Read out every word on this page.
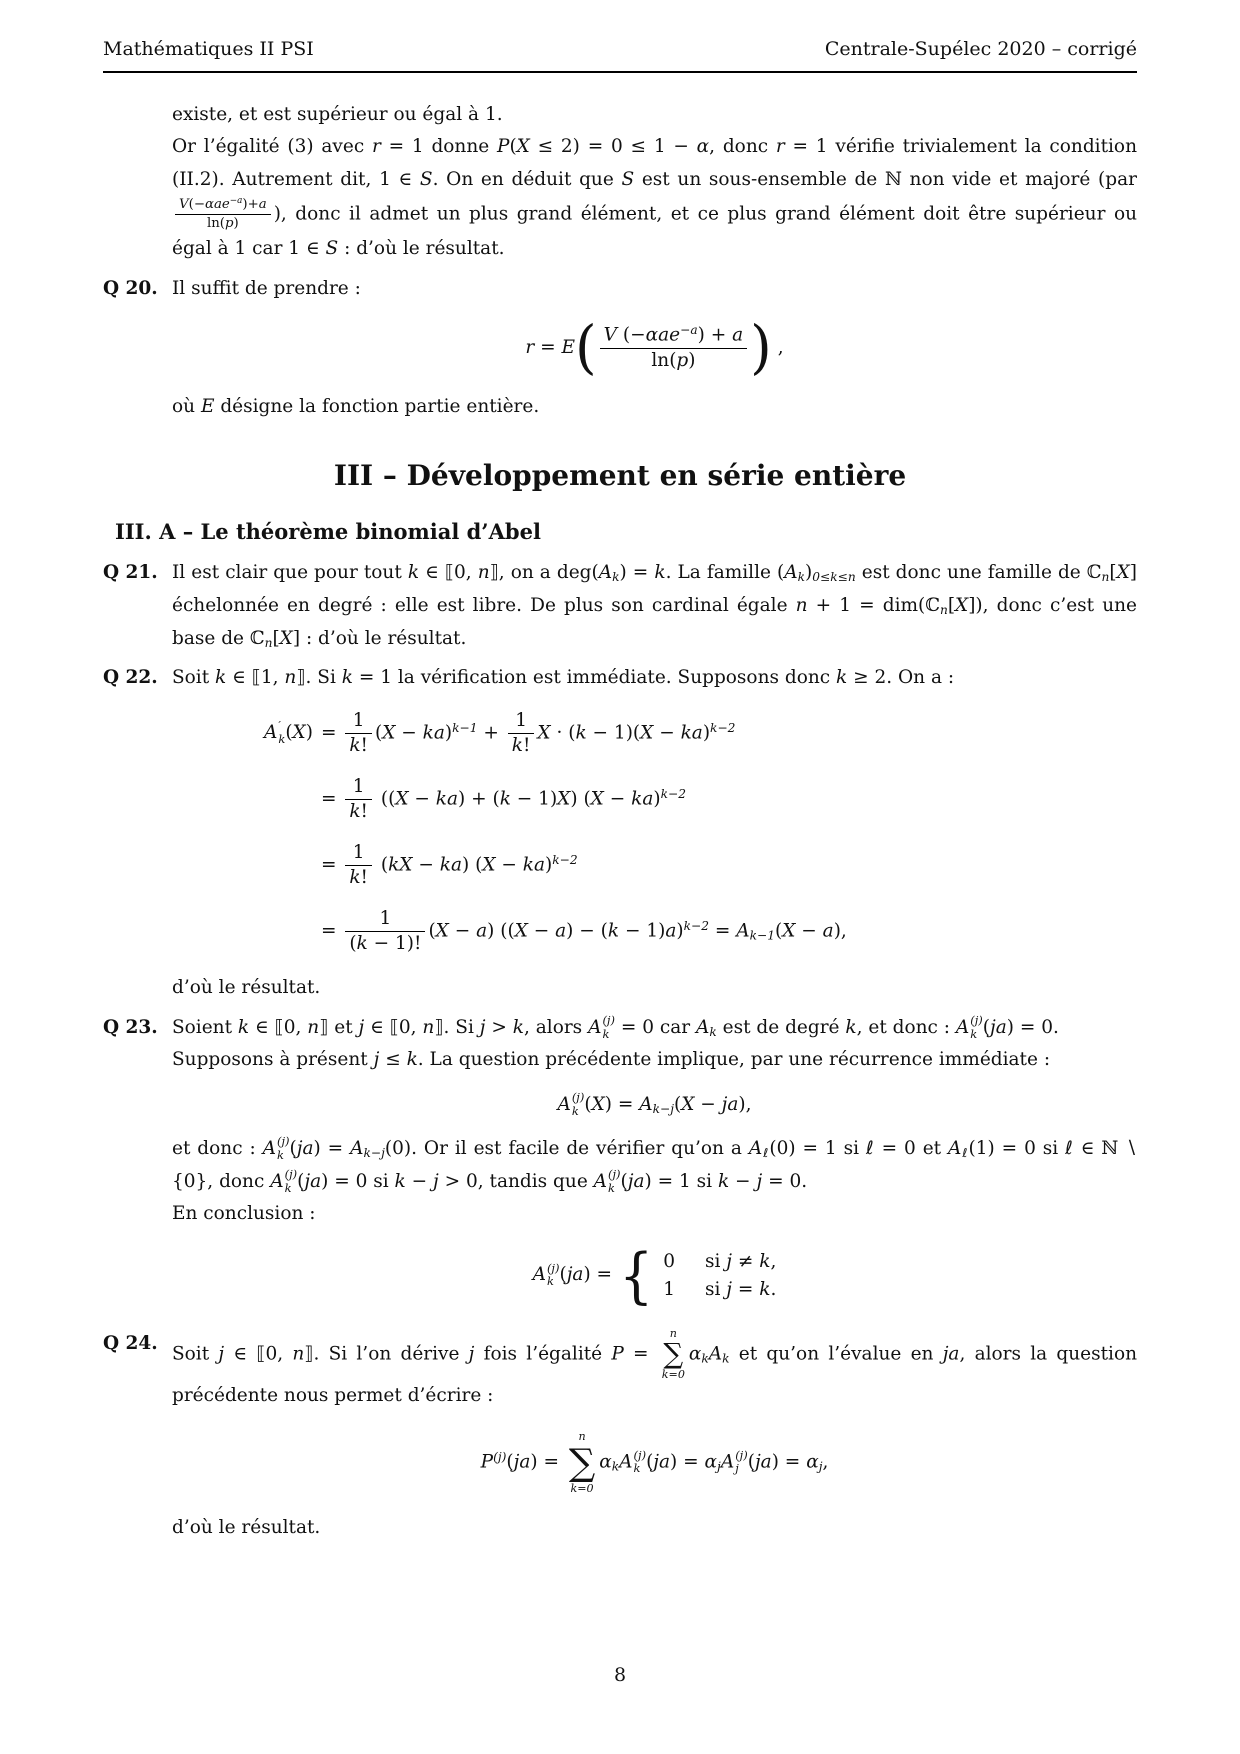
Mathématiques II PSI	Centrale-Supélec 2020 – corrigé

existe, et est supérieur ou égal à 1.

Or l’égalité (3) avec r = 1 donne P(X ≤ 2) = 0 ≤ 1 − α, donc r = 1 vérifie trivialement la condition (II.2). Autrement dit, 1 ∈ S. On en déduit que S est un sous-ensemble de ℕ non vide et majoré (par
$\frac{V(-\alpha ae^{-a})+a}{\ln(p)}$ ), donc il admet un plus grand élément, et ce plus grand élément doit être supérieur ou égal à 1 car 1 ∈ S : d’où le résultat.

Q 20. Il suffit de prendre :

$r = E( \frac{V (-\alpha ae^{-a}) + a}{\ln(p)}$ ) ,

où E désigne la fonction partie entière.

III – Développement en série entière
III. A – Le théorème binomial d’Abel
Q 21. Il est clair que pour tout k ∈ ⟦0, n⟧, on a $deg(A_k) = k$. La famille $(A_k)_{0\le k\le n}$ est donc une famille de ℂ$_n$[X] échelonnée en degré : elle est libre. De plus son cardinal égale n + 1 = dim(ℂ$_n$[X]), donc c’est une base de ℂ$_n$[X] : d’où le résultat.

Q 22. Soit k ∈ ⟦1, n⟧. Si k = 1 la vérification est immédiate. Supposons donc k ≥ 2. On a :

A ′
k $(X) = \frac{1}{k!} (X - ka)^{k-1} + \frac{1}{k!}$ X · (k − 1)(X − ka)$^{k-2}$
= $\frac{1}{k!} ((X - ka) + (k - 1)X) (X - ka)^{k-2}$
= $\frac{1}{k!} (kX - ka) (X - ka)^{k-2}$
= $\frac{1}{(k - 1)!} (X - a) ((X - a) - (k - 1)a)^{k-2} = A_{k-1}(X - a)$,

d’où le résultat.

Q 23. Soient k ∈ ⟦0, n⟧ et j ∈ ⟦0, n⟧. Si j > k, alors A (j)
k = 0 car $A_k$ est de degré k, et donc : A (j)
k (ja) = 0.

Supposons à présent j ≤ k. La question précédente implique, par une récurrence immédiate :

A (j)
k $(X) = A_{k-j}(X - ja)$,

et donc : A (j)
k $(ja) = A_{k-j}(0)$. Or il est facile de vérifier qu’on a $A_\ell(0) = 1$ si ℓ = 0 et $A_\ell(1) = 0$ si ℓ ∈ ℕ ∖ {0}, donc A (j)
k (ja) = 0 si k − j > 0, tandis que A (j)
k (ja) = 1 si k − j = 0.

En conclusion :

A (j)
k (ja) = { 0 si j ≠ k,
1 si j = k.
Q 24. Soit j ∈ ⟦0, n⟧. Si l’on dérive j fois l’égalité P =
n
∑
k=0
$\alpha_kA_k$ et qu’on l’évalue en ja, alors la question précédente nous permet d’écrire :

$P^{(j)}(ja)$ =
n
∑
k=0
$\alpha_kA$ (j)
k $(ja) = \alpha_jA$ (j)
j $(ja) = \alpha_j$,

d’où le résultat.

8
